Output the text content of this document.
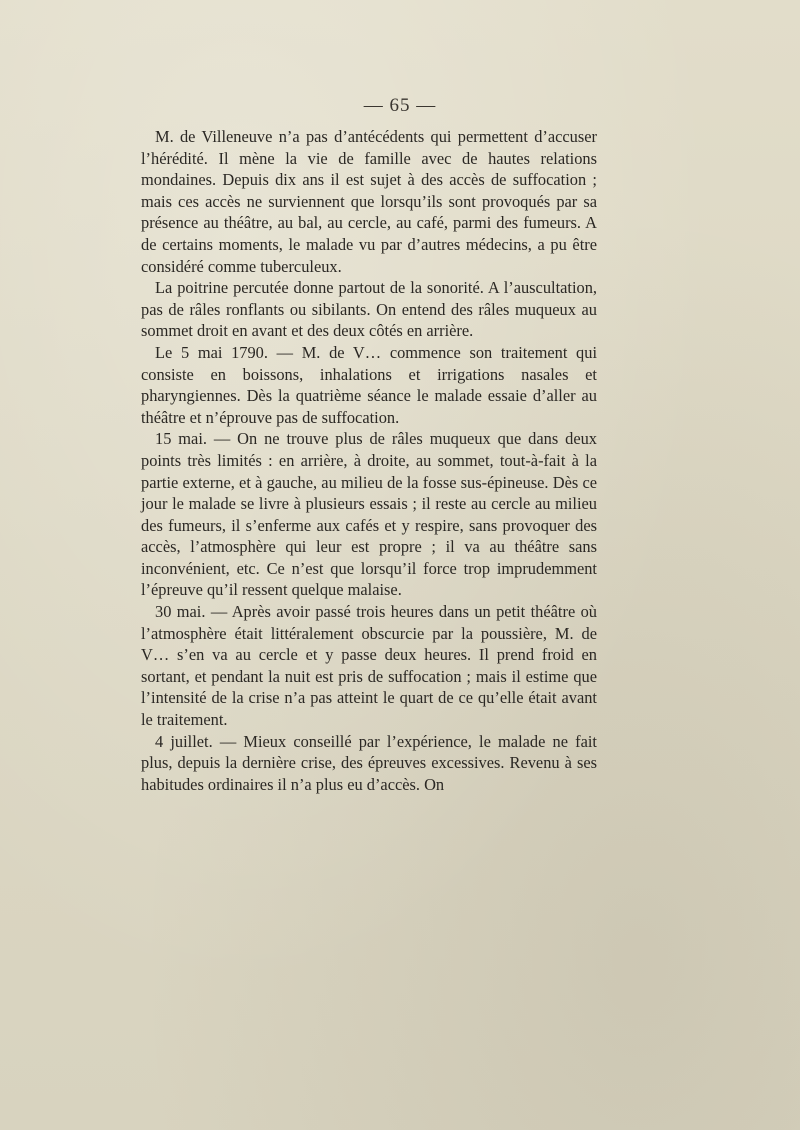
— 65 —

M. de Villeneuve n’a pas d’antécédents qui permettent d’accuser l’hérédité. Il mène la vie de famille avec de hautes relations mondaines. Depuis dix ans il est sujet à des accès de suffocation ; mais ces accès ne surviennent que lorsqu’ils sont provoqués par sa présence au théâtre, au bal, au cercle, au café, parmi des fumeurs. A de certains moments, le malade vu par d’autres médecins, a pu être considéré comme tuberculeux.

La poitrine percutée donne partout de la sonorité. A l’auscultation, pas de râles ronflants ou sibilants. On entend des râles muqueux au sommet droit en avant et des deux côtés en arrière.

Le 5 mai 1790. — M. de V… commence son traitement qui consiste en boissons, inhalations et irrigations nasales et pharyngiennes. Dès la quatrième séance le malade essaie d’aller au théâtre et n’éprouve pas de suffocation.

15 mai. — On ne trouve plus de râles muqueux que dans deux points très limités : en arrière, à droite, au sommet, tout-à-fait à la partie externe, et à gauche, au milieu de la fosse sus-épineuse. Dès ce jour le malade se livre à plusieurs essais ; il reste au cercle au milieu des fumeurs, il s’enferme aux cafés et y respire, sans provoquer des accès, l’atmosphère qui leur est propre ; il va au théâtre sans inconvénient, etc. Ce n’est que lorsqu’il force trop imprudemment l’épreuve qu’il ressent quelque malaise.

30 mai. — Après avoir passé trois heures dans un petit théâtre où l’atmosphère était littéralement obscurcie par la poussière, M. de V… s’en va au cercle et y passe deux heures. Il prend froid en sortant, et pendant la nuit est pris de suffocation ; mais il estime que l’intensité de la crise n’a pas atteint le quart de ce qu’elle était avant le traitement.

4 juillet. — Mieux conseillé par l’expérience, le malade ne fait plus, depuis la dernière crise, des épreuves excessives. Revenu à ses habitudes ordinaires il n’a plus eu d’accès. On
